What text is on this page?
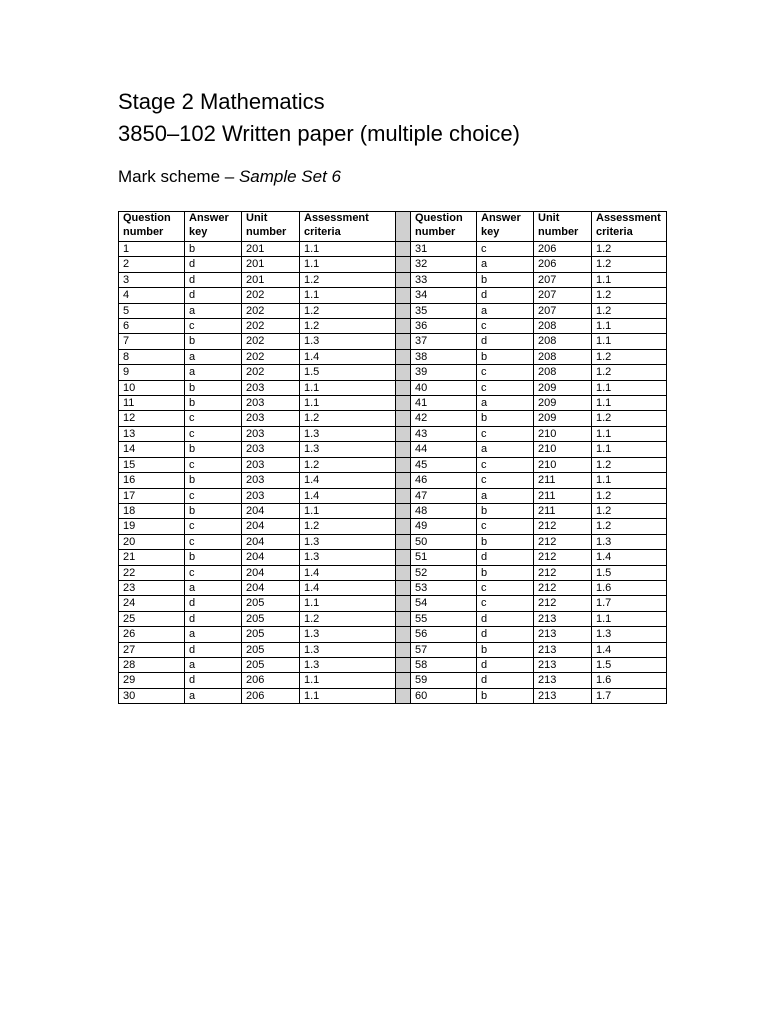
Stage 2 Mathematics
3850–102 Written paper (multiple choice)
Mark scheme – Sample Set 6
Question number	Answer key	Unit number	Assessment criteria		Question number	Answer key	Unit number	Assessment criteria
1	b	201	1.1		31	c	206	1.2
2	d	201	1.1		32	a	206	1.2
3	d	201	1.2		33	b	207	1.1
4	d	202	1.1		34	d	207	1.2
5	a	202	1.2		35	a	207	1.2
6	c	202	1.2		36	c	208	1.1
7	b	202	1.3		37	d	208	1.1
8	a	202	1.4		38	b	208	1.2
9	a	202	1.5		39	c	208	1.2
10	b	203	1.1		40	c	209	1.1
11	b	203	1.1		41	a	209	1.1
12	c	203	1.2		42	b	209	1.2
13	c	203	1.3		43	c	210	1.1
14	b	203	1.3		44	a	210	1.1
15	c	203	1.2		45	c	210	1.2
16	b	203	1.4		46	c	211	1.1
17	c	203	1.4		47	a	211	1.2
18	b	204	1.1		48	b	211	1.2
19	c	204	1.2		49	c	212	1.2
20	c	204	1.3		50	b	212	1.3
21	b	204	1.3		51	d	212	1.4
22	c	204	1.4		52	b	212	1.5
23	a	204	1.4		53	c	212	1.6
24	d	205	1.1		54	c	212	1.7
25	d	205	1.2		55	d	213	1.1
26	a	205	1.3		56	d	213	1.3
27	d	205	1.3		57	b	213	1.4
28	a	205	1.3		58	d	213	1.5
29	d	206	1.1		59	d	213	1.6
30	a	206	1.1		60	b	213	1.7
